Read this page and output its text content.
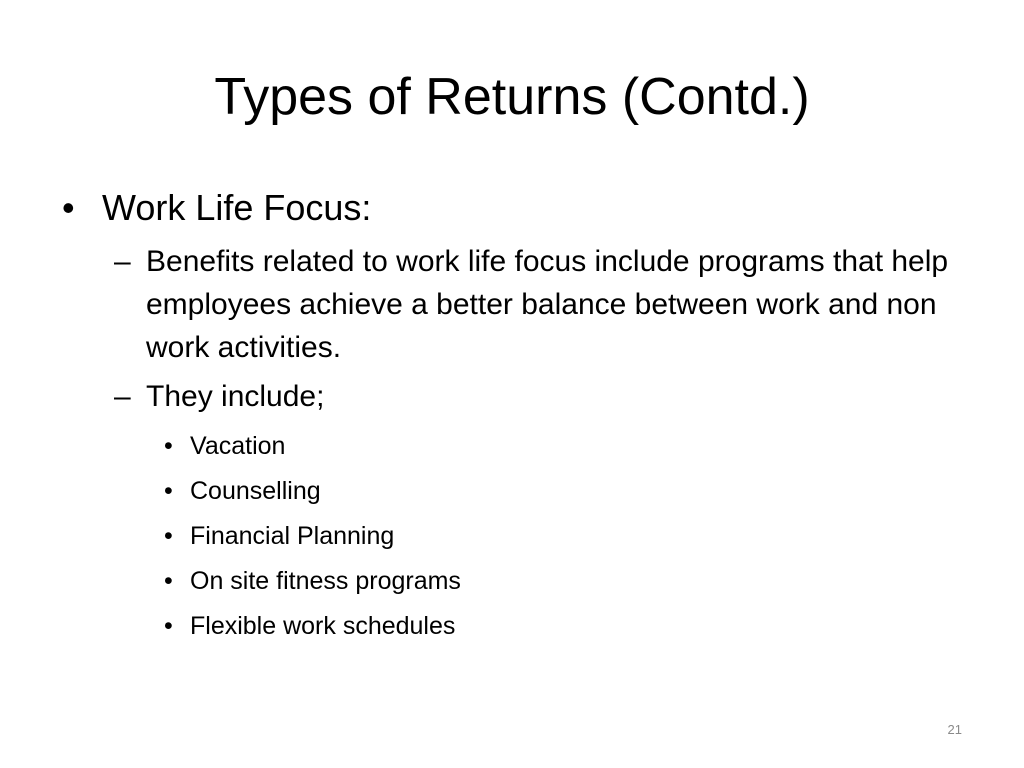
Types of Returns (Contd.)
• Work Life Focus:
– Benefits related to work life focus include programs that help employees achieve a better balance between work and non work activities.
– They include;
• Vacation
• Counselling
• Financial Planning
• On site fitness programs
• Flexible work schedules
21
